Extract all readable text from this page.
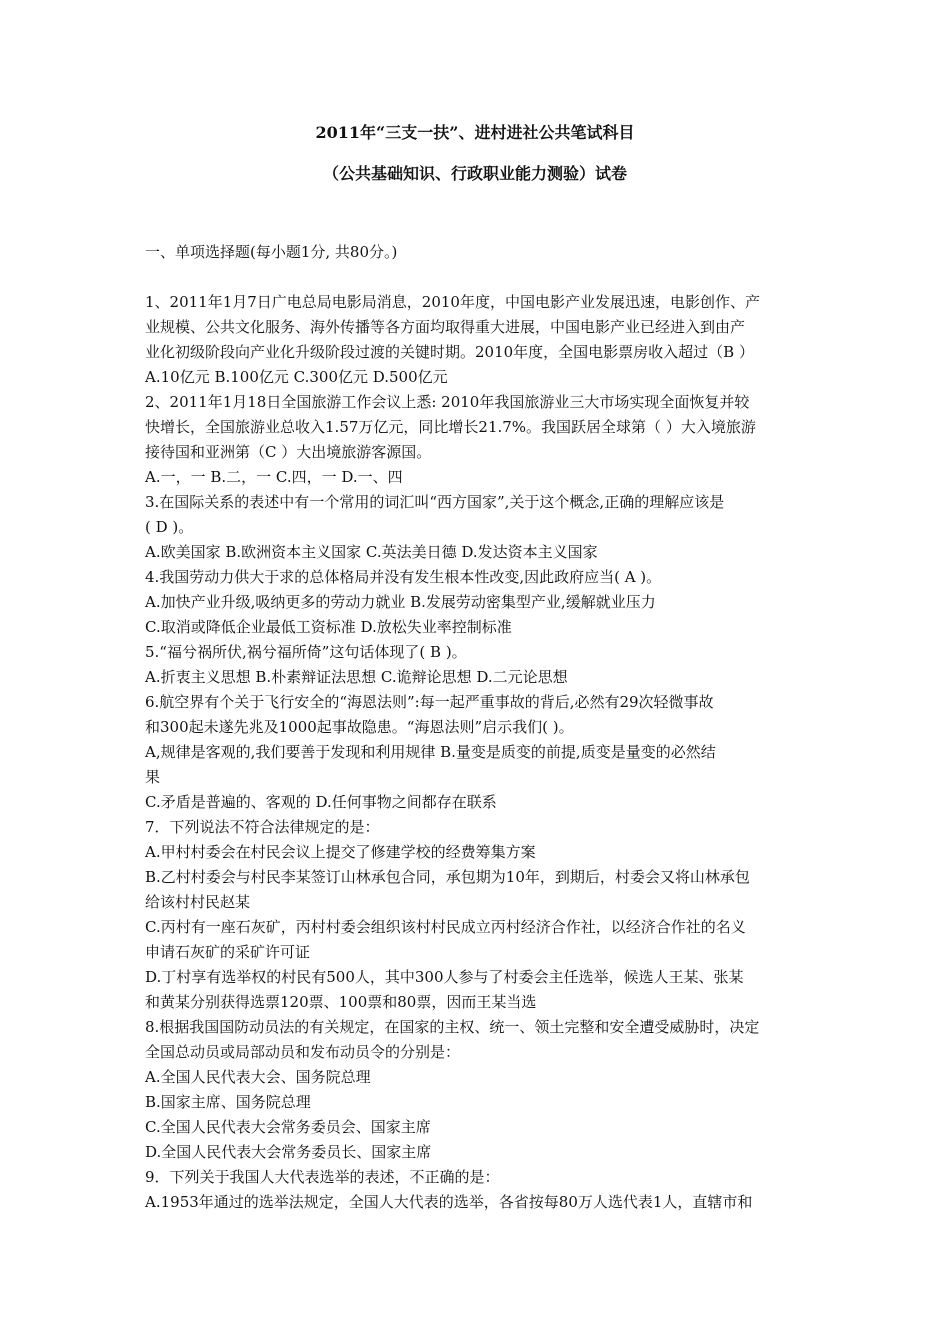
2011年“三支一扶”、进村进社公共笔试科目
（公共基础知识、行政职业能力测验）试卷
一、单项选择题(每小题1分, 共80分。)
1、2011年1月7日广电总局电影局消息，2010年度，中国电影产业发展迅速，电影创作、产
业规模、公共文化服务、海外传播等各方面均取得重大进展，中国电影产业已经进入到由产
业化初级阶段向产业化升级阶段过渡的关键时期。2010年度，全国电影票房收入超过（B ）
A.10亿元 B.100亿元 C.300亿元 D.500亿元
2、2011年1月18日全国旅游工作会议上悉: 2010年我国旅游业三大市场实现全面恢复并较
快增长，全国旅游业总收入1.57万亿元，同比增长21.7%。我国跃居全球第（ ）大入境旅游
接待国和亚洲第（C ）大出境旅游客源国。
A.一，一 B.二，一 C.四，一 D.一、四
3.在国际关系的表述中有一个常用的词汇叫“西方国家”,关于这个概念,正确的理解应该是
( D )。
A.欧美国家 B.欧洲资本主义国家 C.英法美日德 D.发达资本主义国家
4.我国劳动力供大于求的总体格局并没有发生根本性改变,因此政府应当( A )。
A.加快产业升级,吸纳更多的劳动力就业 B.发展劳动密集型产业,缓解就业压力
C.取消或降低企业最低工资标准 D.放松失业率控制标准
5.“福兮祸所伏,祸兮福所倚”这句话体现了( B )。
A.折衷主义思想 B.朴素辩证法思想 C.诡辩论思想 D.二元论思想
6.航空界有个关于飞行安全的“海恩法则”:每一起严重事故的背后,必然有29次轻微事故
和300起未遂先兆及1000起事故隐患。“海恩法则”启示我们( )。
A,规律是客观的,我们要善于发现和利用规律 B.量变是质变的前提,质变是量变的必然结
果
C.矛盾是普遍的、客观的 D.任何事物之间都存在联系
7．下列说法不符合法律规定的是：
A.甲村村委会在村民会议上提交了修建学校的经费筹集方案
B.乙村村委会与村民李某签订山林承包合同，承包期为10年，到期后，村委会又将山林承包
给该村村民赵某
C.丙村有一座石灰矿，丙村村委会组织该村村民成立丙村经济合作社，以经济合作社的名义
申请石灰矿的采矿许可证
D.丁村享有选举权的村民有500人，其中300人参与了村委会主任选举，候选人王某、张某
和黄某分别获得选票120票、100票和80票，因而王某当选
8.根据我国国防动员法的有关规定，在国家的主权、统一、领土完整和安全遭受威胁时，决定
全国总动员或局部动员和发布动员令的分别是：
A.全国人民代表大会、国务院总理
B.国家主席、国务院总理
C.全国人民代表大会常务委员会、国家主席
D.全国人民代表大会常务委员长、国家主席
9．下列关于我国人大代表选举的表述，不正确的是：
A.1953年通过的选举法规定，全国人大代表的选举，各省按每80万人选代表1人，直辖市和
